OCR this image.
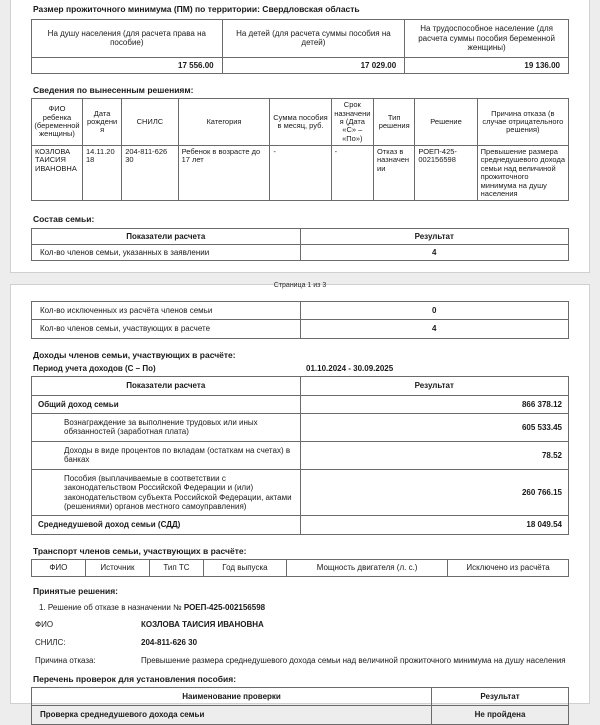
Размер прожиточного минимума (ПМ) по территории: Свердловская область
На душу населения (для расчета права на пособие)	На детей (для расчета суммы пособия на детей)	На трудоспособное население (для расчета суммы пособия беременной женщины)
17 556.00	17 029.00	19 136.00
Сведения по вынесенным решениям:
ФИО ребенка (беременной женщины)	Дата рождения	СНИЛС	Категория	Сумма пособия в месяц, руб.	Срок назначения (Дата «С» – «По»)	Тип решения	Решение	Причина отказа (в случае отрицательного решения)
КОЗЛОВА ТАИСИЯ ИВАНОВНА	14.11.2018	204-811-626 30	Ребенок в возрасте до 17 лет	-	-	Отказ в назначении	РОЕП-425-002156598	Превышение размера среднедушевого дохода семьи над величиной прожиточного минимума на душу населения
Состав семьи:
Показатели расчета	Результат
Кол-во членов семьи, указанных в заявлении	4
Страница 1 из 3
Кол-во исключенных из расчёта членов семьи	0
Кол-во членов семьи, участвующих в расчете	4
Доходы членов семьи, участвующих в расчёте:
Период учета доходов (С – По)	01.10.2024 - 30.09.2025
Показатели расчета	Результат
Общий доход семьи	866 378.12
Вознаграждение за выполнение трудовых или иных обязанностей (заработная плата)	605 533.45
Доходы в виде процентов по вкладам (остаткам на счетах) в банках	78.52
Пособия (выплачиваемые в соответствии с законодательством Российской Федерации и (или) законодательством субъекта Российской Федерации, актами (решениями) органов местного самоуправления)	260 766.15
Среднедушевой доход семьи (СДД)	18 049.54
Транспорт членов семьи, участвующих в расчёте:
ФИО	Источник	Тип ТС	Год выпуска	Мощность двигателя (л. с.)	Исключено из расчёта
Принятые решения:
1. Решение об отказе в назначении № РОЕП-425-002156598
ФИО	КОЗЛОВА ТАИСИЯ ИВАНОВНА
СНИЛС:	204-811-626 30
Причина отказа:	Превышение размера среднедушевого дохода семьи над величиной прожиточного минимума на душу населения
Перечень проверок для установления пособия:
Наименование проверки	Результат
Проверка среднедушевого дохода семьи	Не пройдена
